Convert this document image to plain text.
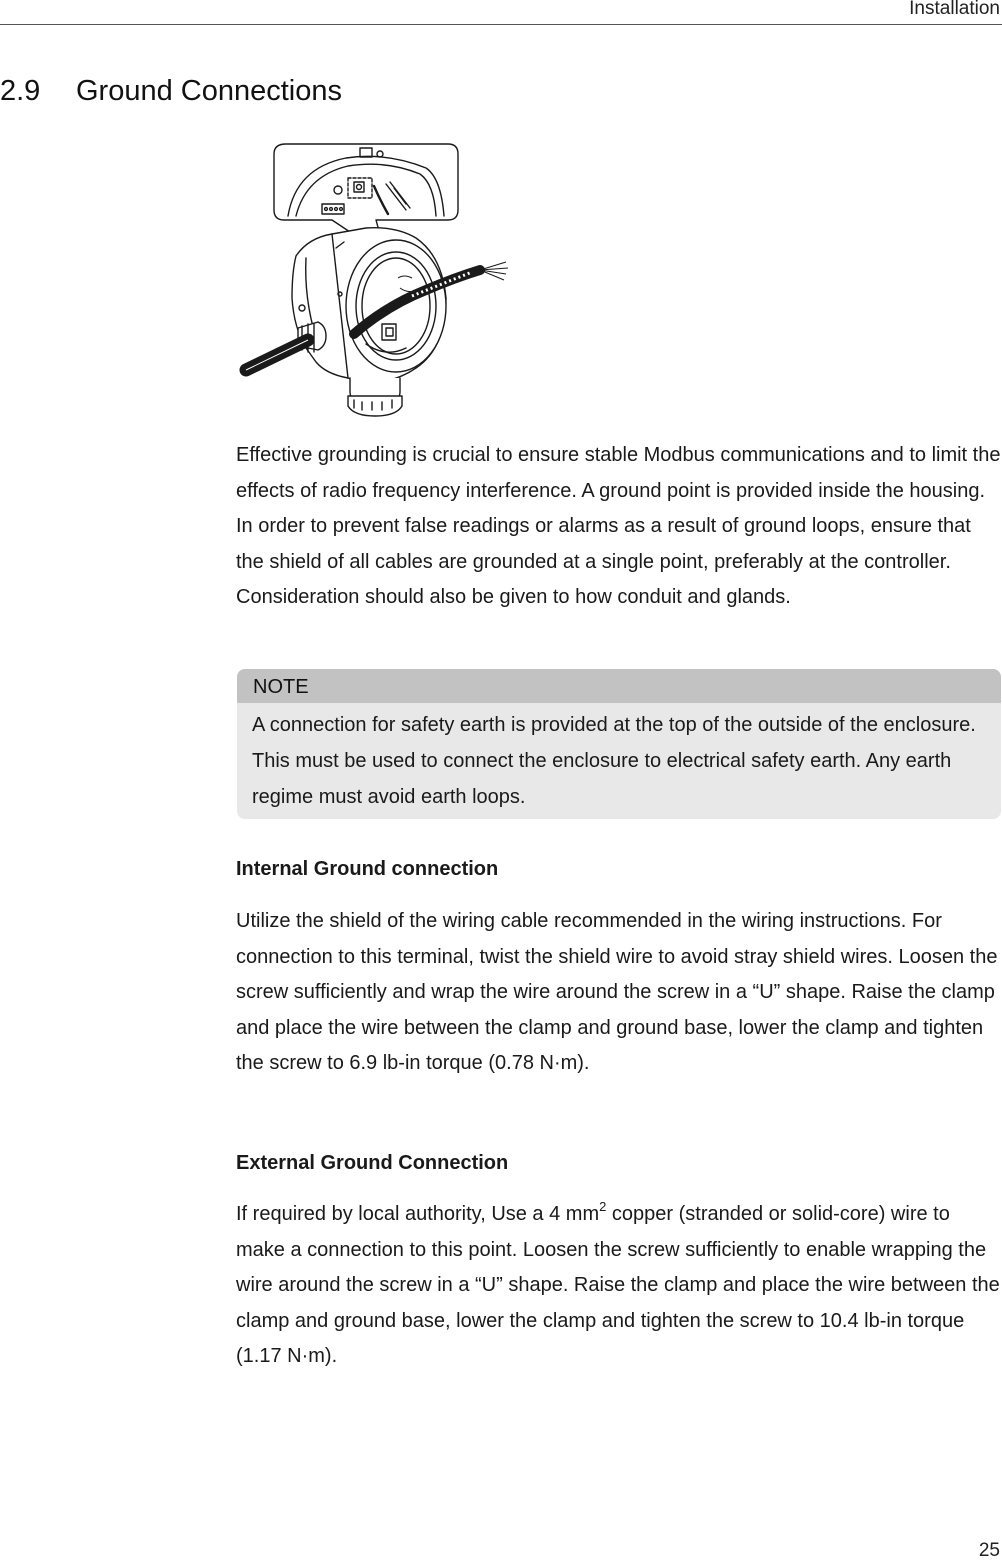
Installation
2.9 Ground Connections

Effective grounding is crucial to ensure stable Modbus communications and to limit the effects of radio frequency interference. A ground point is provided inside the housing. In order to prevent false readings or alarms as a result of ground loops, ensure that the shield of all cables are grounded at a single point, preferably at the controller. Consideration should also be given to how conduit and glands.

NOTE
A connection for safety earth is provided at the top of the outside of the enclosure. This must be used to connect the enclosure to electrical safety earth. Any earth regime must avoid earth loops.
Internal Ground connection

Utilize the shield of the wiring cable recommended in the wiring instructions. For connection to this terminal, twist the shield wire to avoid stray shield wires. Loosen the screw sufficiently and wrap the wire around the screw in a “U” shape. Raise the clamp and place the wire between the clamp and ground base, lower the clamp and tighten the screw to 6.9 lb-in torque (0.78 N·m).

External Ground Connection

If required by local authority, Use a 4 $mm^2$ copper (stranded or solid-core) wire to make a connection to this point. Loosen the screw sufficiently to enable wrapping the wire around the screw in a “U” shape. Raise the clamp and place the wire between the clamp and ground base, lower the clamp and tighten the screw to 10.4 lb-in torque (1.17 N·m).

25
